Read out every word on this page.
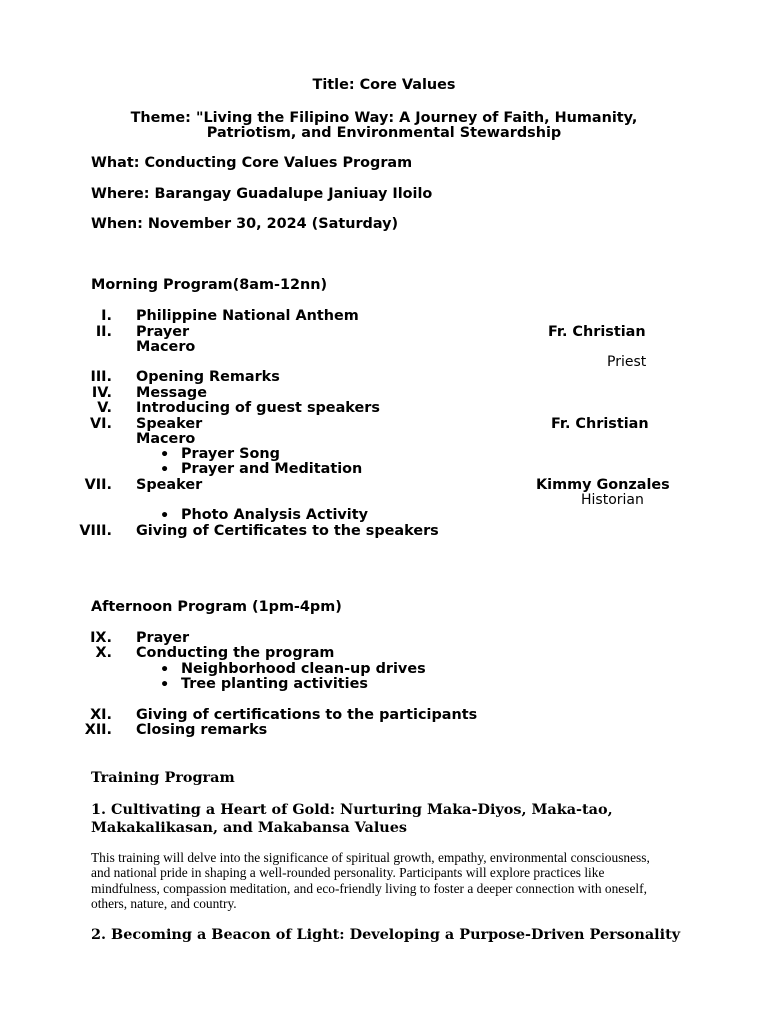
Title: Core Values
Theme: "Living the Filipino Way: A Journey of Faith, Humanity,
Patriotism, and Environmental Stewardship
What: Conducting Core Values Program
Where: Barangay Guadalupe Janiuay Iloilo
When: November 30, 2024 (Saturday)
Morning Program(8am-12nn)
I. Philippine National Anthem
II. Prayer	Fr. Christian
Macero
Priest
III. Opening Remarks
IV. Message
V. Introducing of guest speakers
VI. Speaker	Fr. Christian
Macero
• Prayer Song
• Prayer and Meditation
VII. Speaker	Kimmy Gonzales
Historian
• Photo Analysis Activity
VIII. Giving of Certificates to the speakers
Afternoon Program (1pm-4pm)
IX. Prayer
X. Conducting the program
• Neighborhood clean-up drives
• Tree planting activities
XI. Giving of certifications to the participants
XII. Closing remarks
Training Program
1. Cultivating a Heart of Gold: Nurturing Maka-Diyos, Maka-tao,
Makakalikasan, and Makabansa Values
This training will delve into the significance of spiritual growth, empathy, environmental consciousness, and national pride in shaping a well-rounded personality. Participants will explore practices like mindfulness, compassion meditation, and eco-friendly living to foster a deeper connection with oneself, others, nature, and country.
2. Becoming a Beacon of Light: Developing a Purpose-Driven Personality
